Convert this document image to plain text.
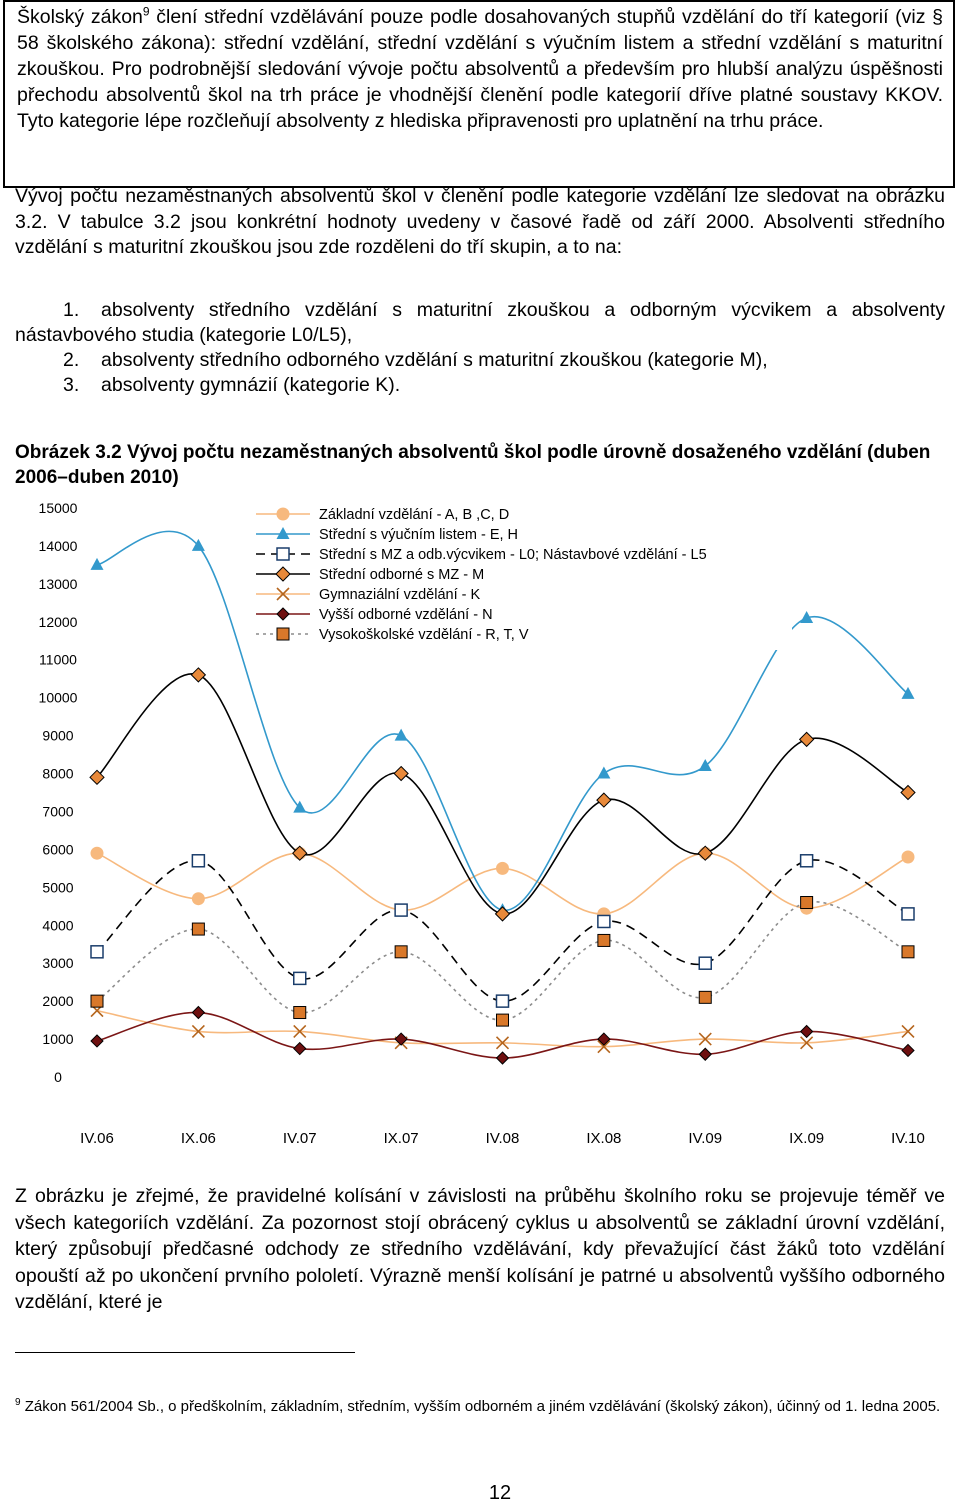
Školský zákon$^9$ člení střední vzdělávání pouze podle dosahovaných stupňů vzdělání do tří kategorií (viz § 58 školského zákona): střední vzdělání, střední vzdělání s výučním listem a střední vzdělání s maturitní zkouškou. Pro podrobnější sledování vývoje počtu absolventů a především pro hlubší analýzu úspěšnosti přechodu absolventů škol na trh práce je vhodnější členění podle kategorií dříve platné soustavy KKOV. Tyto kategorie lépe rozčleňují absolventy z hlediska připravenosti pro uplatnění na trhu práce.
Vývoj počtu nezaměstnaných absolventů škol v členění podle kategorie vzdělání lze sledovat na obrázku 3.2. V tabulce 3.2 jsou konkrétní hodnoty uvedeny v časové řadě od září 2000. Absolventi středního vzdělání s maturitní zkouškou jsou zde rozděleni do tří skupin, a to na:
1. absolventy středního vzdělání s maturitní zkouškou a odborným výcvikem a absolventy nástavbového studia (kategorie L0/L5),
2. absolventy středního odborného vzdělání s maturitní zkouškou (kategorie M),
3. absolventy gymnázií (kategorie K).
Obrázek 3.2 Vývoj počtu nezaměstnaných absolventů škol podle úrovně dosaženého vzdělání (duben 2006–duben 2010)
0
1000
2000
3000
4000
5000
6000
7000
8000
9000
10000
11000
12000
13000
14000
15000
IV.06	IX.06	IV.07	IX.07	IV.08	IX.08	IV.09	IX.09	IV.10
Základní vzdělání - A, B ,C, D
Střední s výučním listem - E, H
Střední s MZ a odb.výcvikem - L0; Nástavbové vzdělání - L5
Střední odborné s MZ - M
Gymnaziální vzdělání - K
Vyšší odborné vzdělání - N
Vysokoškolské vzdělání - R, T, V
Z obrázku je zřejmé, že pravidelné kolísání v závislosti na průběhu školního roku se projevuje téměř ve všech kategoriích vzdělání. Za pozornost stojí obrácený cyklus u absolventů se základní úrovní vzdělání, který způsobují předčasné odchody ze středního vzdělávání, kdy převažující část žáků toto vzdělání opouští až po ukončení prvního pololetí. Výrazně menší kolísání je patrné u absolventů vyššího odborného vzdělání, které je
$^9$ Zákon 561/2004 Sb., o předškolním, základním, středním, vyšším odborném a jiném vzdělávání (školský zákon), účinný od 1. ledna 2005.
12
